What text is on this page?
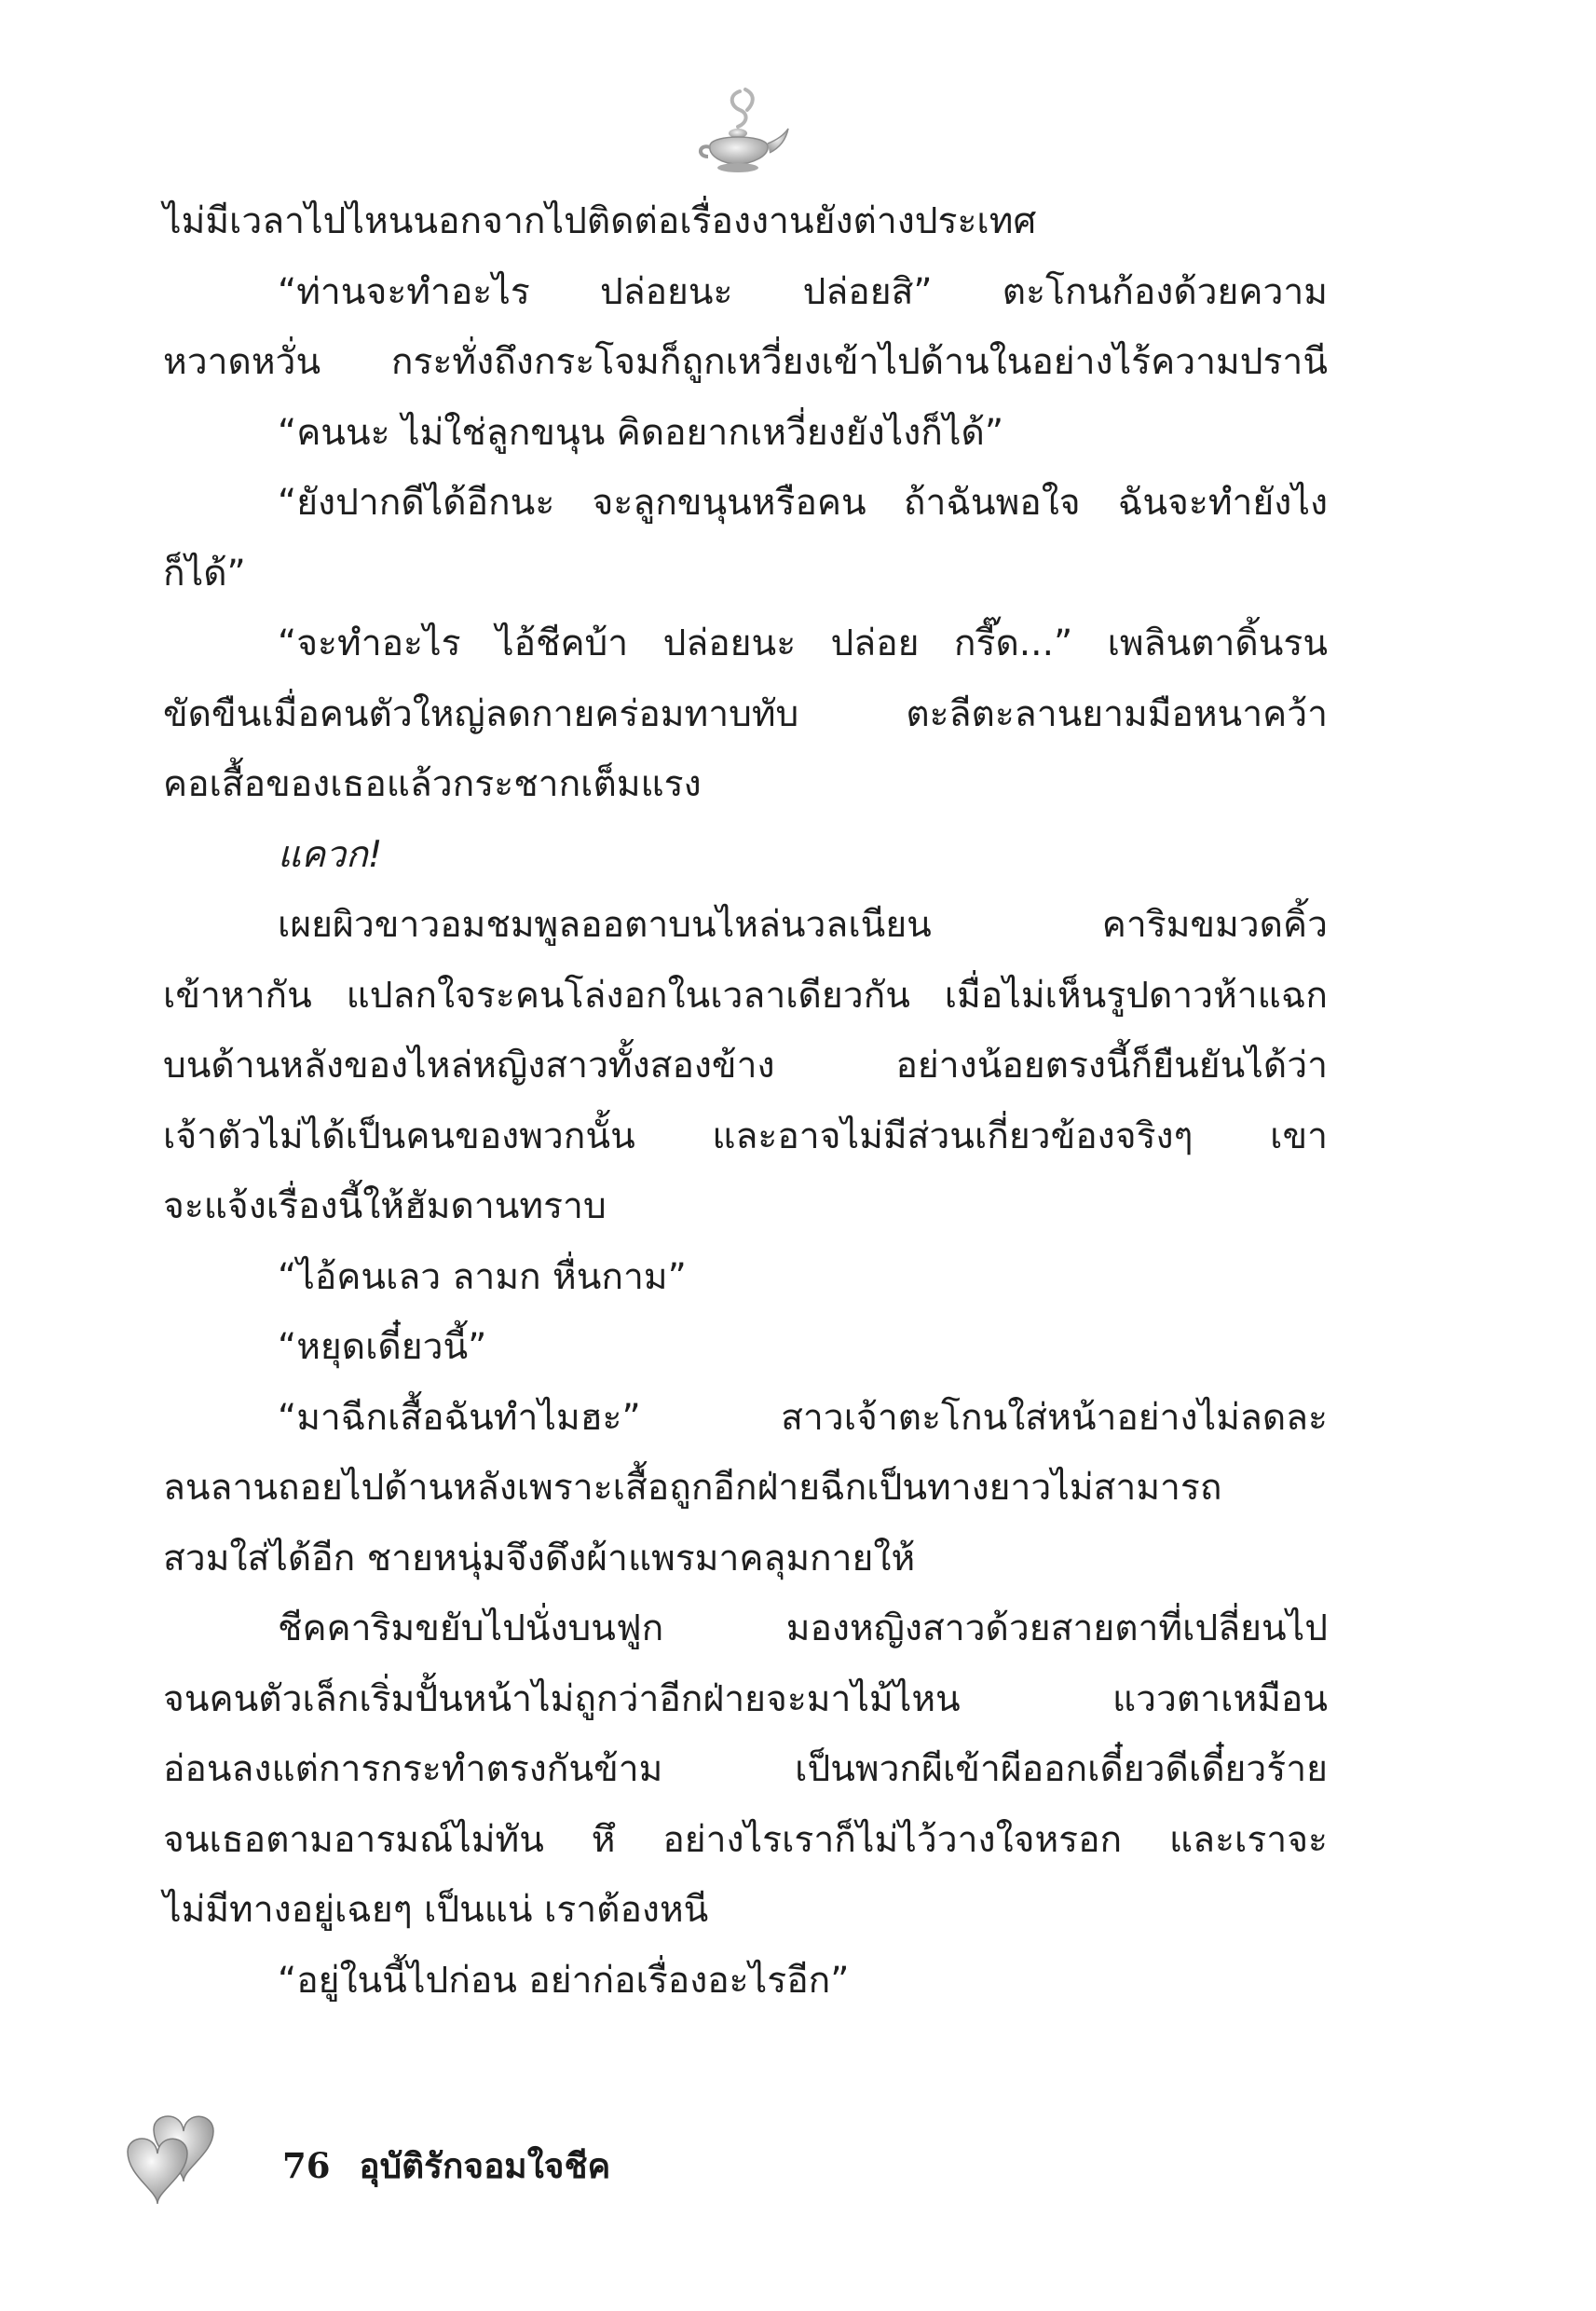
ไม่มีเวลาไปไหนนอกจากไปติดต่อเรื่องงานยังต่างประเทศ
“ท่านจะทำอะไร ปล่อยนะ ปล่อยสิ” ตะโกนก้องด้วยความ
หวาดหวั่น กระทั่งถึงกระโจมก็ถูกเหวี่ยงเข้าไปด้านในอย่างไร้ความปรานี
“คนนะ ไม่ใช่ลูกขนุน คิดอยากเหวี่ยงยังไงก็ได้”
“ยังปากดีได้อีกนะ จะลูกขนุนหรือคน ถ้าฉันพอใจ ฉันจะทำยังไง
ก็ได้”
“จะทำอะไร ไอ้ชีคบ้า ปล่อยนะ ปล่อย กรี๊ด...” เพลินตาดิ้นรน
ขัดขืนเมื่อคนตัวใหญ่ลดกายคร่อมทาบทับ ตะลีตะลานยามมือหนาคว้า
คอเสื้อของเธอแล้วกระชากเต็มแรง
แควก!
เผยผิวขาวอมชมพูลออตาบนไหล่นวลเนียน คาริมขมวดคิ้ว
เข้าหากัน แปลกใจระคนโล่งอกในเวลาเดียวกัน เมื่อไม่เห็นรูปดาวห้าแฉก
บนด้านหลังของไหล่หญิงสาวทั้งสองข้าง อย่างน้อยตรงนี้ก็ยืนยันได้ว่า
เจ้าตัวไม่ได้เป็นคนของพวกนั้น และอาจไม่มีส่วนเกี่ยวข้องจริงๆ เขา
จะแจ้งเรื่องนี้ให้ฮัมดานทราบ
“ไอ้คนเลว ลามก หื่นกาม”
“หยุดเดี๋ยวนี้”
“มาฉีกเสื้อฉันทำไมฮะ” สาวเจ้าตะโกนใส่หน้าอย่างไม่ลดละ
ลนลานถอยไปด้านหลังเพราะเสื้อถูกอีกฝ่ายฉีกเป็นทางยาวไม่สามารถ
สวมใส่ได้อีก ชายหนุ่มจึงดึงผ้าแพรมาคลุมกายให้
ชีคคาริมขยับไปนั่งบนฟูก มองหญิงสาวด้วยสายตาที่เปลี่ยนไป
จนคนตัวเล็กเริ่มปั้นหน้าไม่ถูกว่าอีกฝ่ายจะมาไม้ไหน แววตาเหมือน
อ่อนลงแต่การกระทำตรงกันข้าม เป็นพวกผีเข้าผีออกเดี๋ยวดีเดี๋ยวร้าย
จนเธอตามอารมณ์ไม่ทัน หึ อย่างไรเราก็ไม่ไว้วางใจหรอก และเราจะ
ไม่มีทางอยู่เฉยๆ เป็นแน่ เราต้องหนี
“อยู่ในนี้ไปก่อน อย่าก่อเรื่องอะไรอีก”
76 อุบัติรักจอมใจชีค
